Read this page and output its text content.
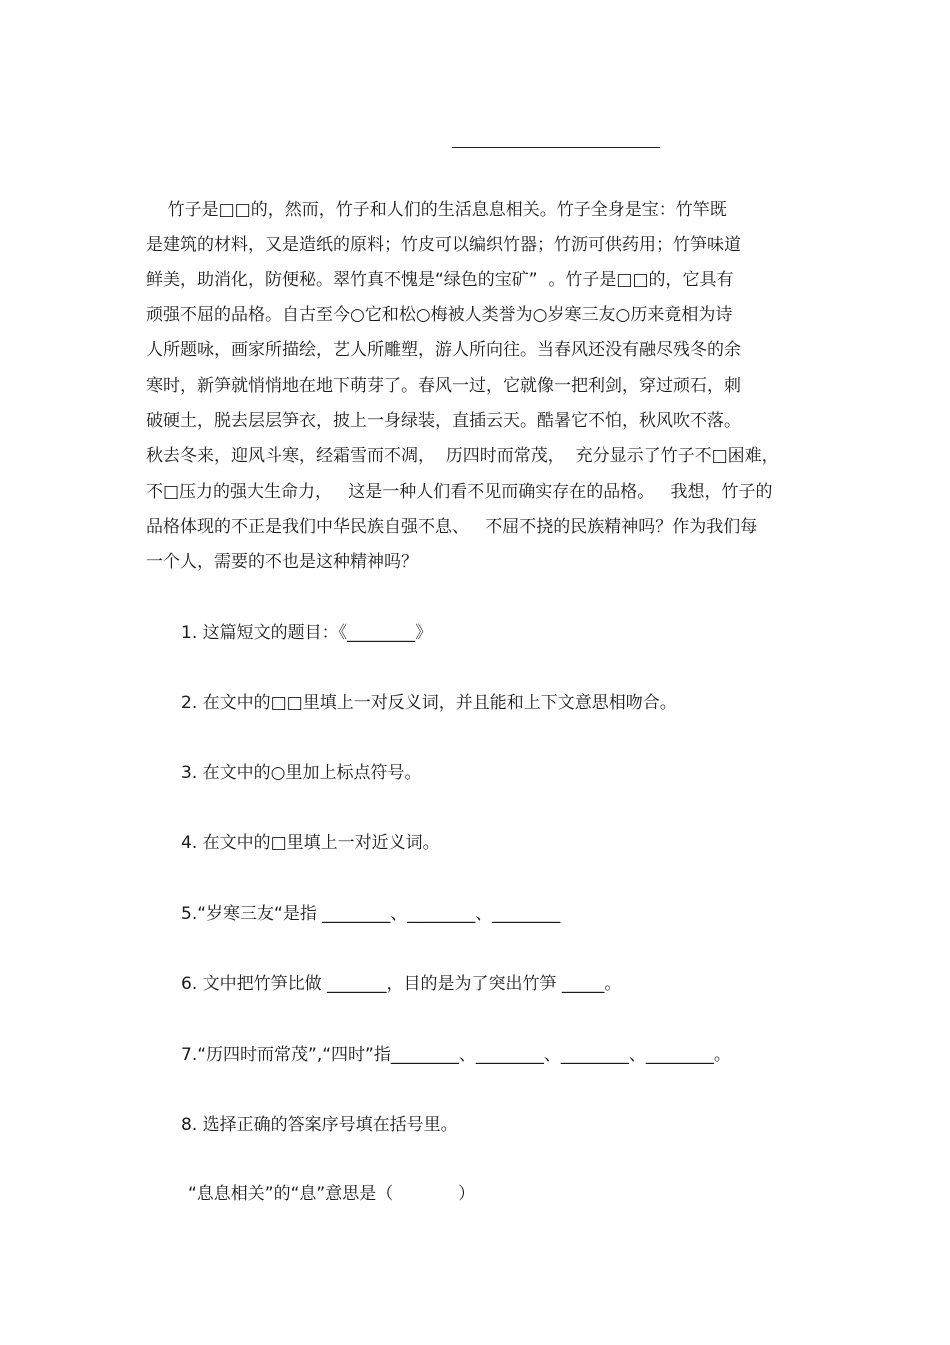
竹子是□□的，然而，竹子和人们的生活息息相关。竹子全身是宝：竹竿既
是建筑的材料，又是造纸的原料；竹皮可以编织竹器；竹沥可供药用；竹笋味道
鲜美，助消化，防便秘。翠竹真不愧是“绿色的宝矿”  。竹子是□□的，它具有
顽强不屈的品格。自古至今○它和松○梅被人类誉为○岁寒三友○历来竟相为诗
人所题咏，画家所描绘，艺人所雕塑，游人所向往。当春风还没有融尽残冬的余
寒时，新笋就悄悄地在地下萌芽了。春风一过，它就像一把利剑，穿过顽石，刺
破硬土，脱去层层笋衣，披上一身绿装，直插云天。酷暑它不怕，秋风吹不落。
秋去冬来，迎风斗寒，经霜雪而不凋，  历四时而常茂，  充分显示了竹子不□困难，
不□压力的强大生命力，   这是一种人们看不见而确实存在的品格。   我想，竹子的
品格体现的不正是我们中华民族自强不息、   不屈不挠的民族精神吗？作为我们每
一个人，需要的不也是这种精神吗？
1. 这篇短文的题目：《________》
2. 在文中的□□里填上一对反义词，并且能和上下文意思相吻合。
3. 在文中的○里加上标点符号。
4. 在文中的□里填上一对近义词。
5.“岁寒三友“是指 ________、________、________
6. 文中把竹笋比做 _______，目的是为了突出竹笋 _____。
7.“历四时而常茂”,“四时”指________、________、________、________。
8. 选择正确的答案序号填在括号里。
“息息相关”的“息”意思是（            ）
